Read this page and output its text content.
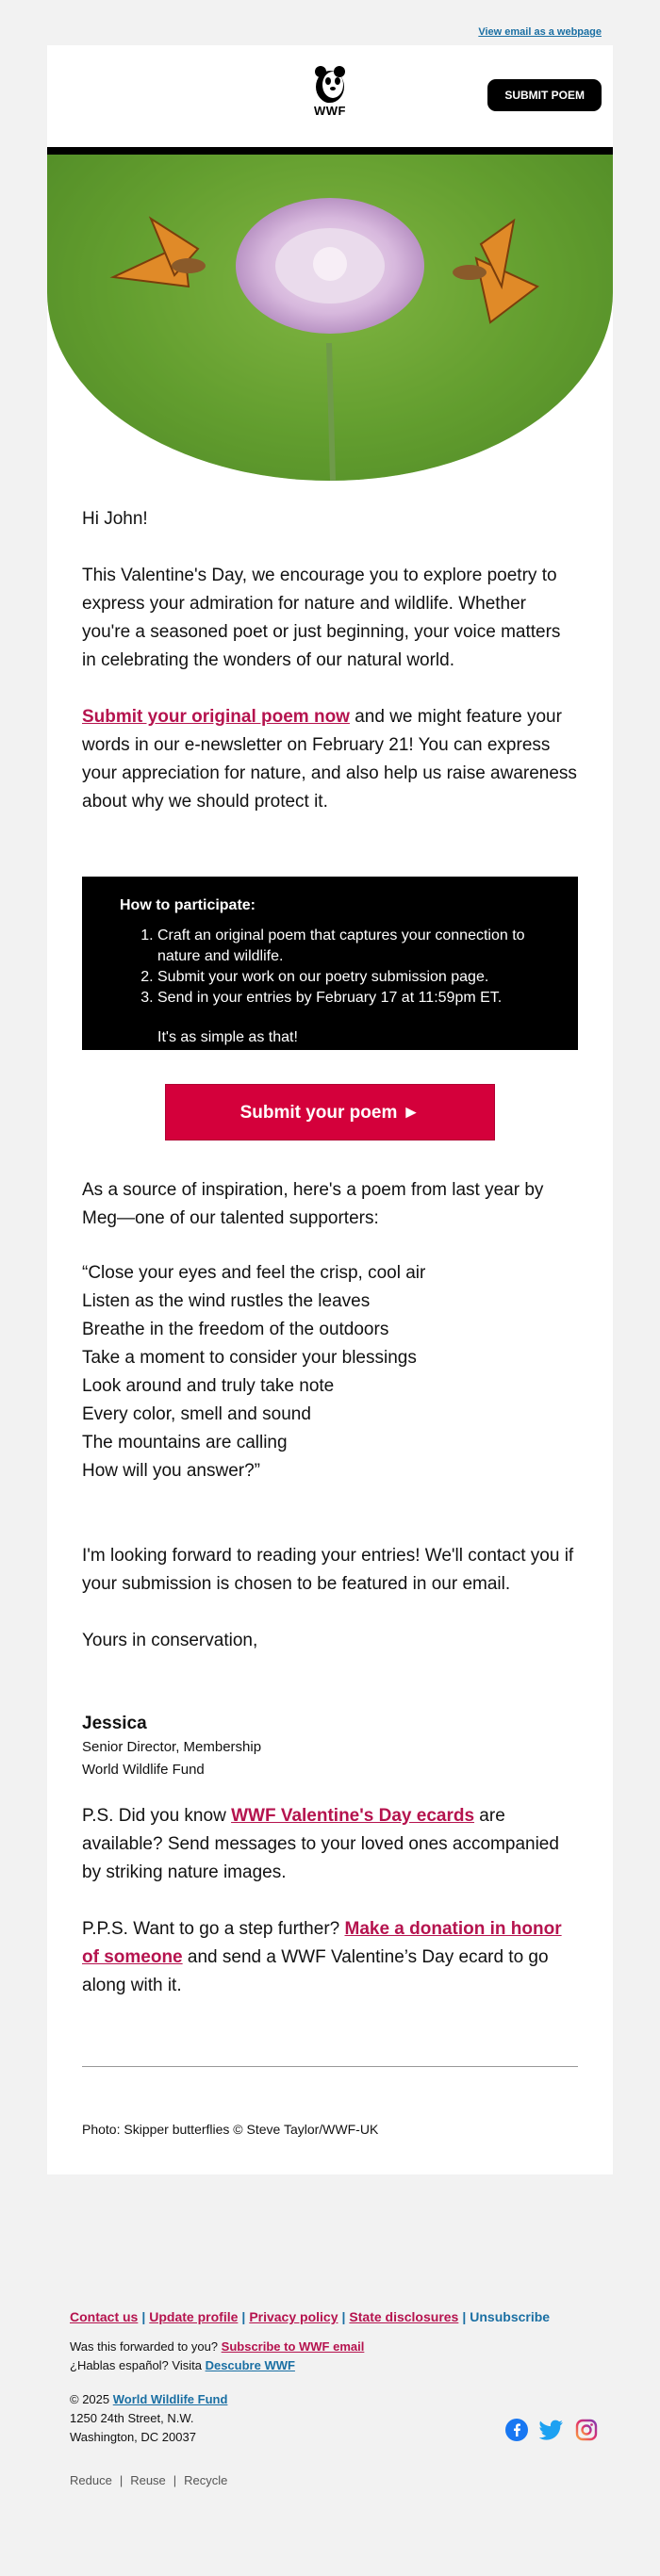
View email as a webpage
WWF
SUBMIT POEM

Hi John!

This Valentine's Day, we encourage you to explore poetry to express your admiration for nature and wildlife. Whether you're a seasoned poet or just beginning, your voice matters in celebrating the wonders of our natural world.

Submit your original poem now and we might feature your words in our e-newsletter on February 21! You can express your appreciation for nature, and also help us raise awareness about why we should protect it.

How to participate:
1. Craft an original poem that captures your connection to nature and wildlife.
2. Submit your work on our poetry submission page.
3. Send in your entries by February 17 at 11:59pm ET.
It's as simple as that!
Submit your poem ►

As a source of inspiration, here's a poem from last year by Meg—one of our talented supporters:

“Close your eyes and feel the crisp, cool air
Listen as the wind rustles the leaves
Breathe in the freedom of the outdoors
Take a moment to consider your blessings
Look around and truly take note
Every color, smell and sound
The mountains are calling
How will you answer?”

I'm looking forward to reading your entries! We'll contact you if your submission is chosen to be featured in our email.

Yours in conservation,

Jessica
Senior Director, Membership
World Wildlife Fund

P.S. Did you know WWF Valentine's Day ecards are available? Send messages to your loved ones accompanied by striking nature images.

P.P.S. Want to go a step further? Make a donation in honor of someone and send a WWF Valentine’s Day ecard to go along with it.

Photo: Skipper butterflies © Steve Taylor/WWF-UK
Contact us | Update profile | Privacy policy | State disclosures | Unsubscribe
Was this forwarded to you? Subscribe to WWF email
¿Hablas español? Visita Descubre WWF
© 2025 World Wildlife Fund
1250 24th Street, N.W.
Washington, DC 20037
Reduce | Reuse | Recycle
